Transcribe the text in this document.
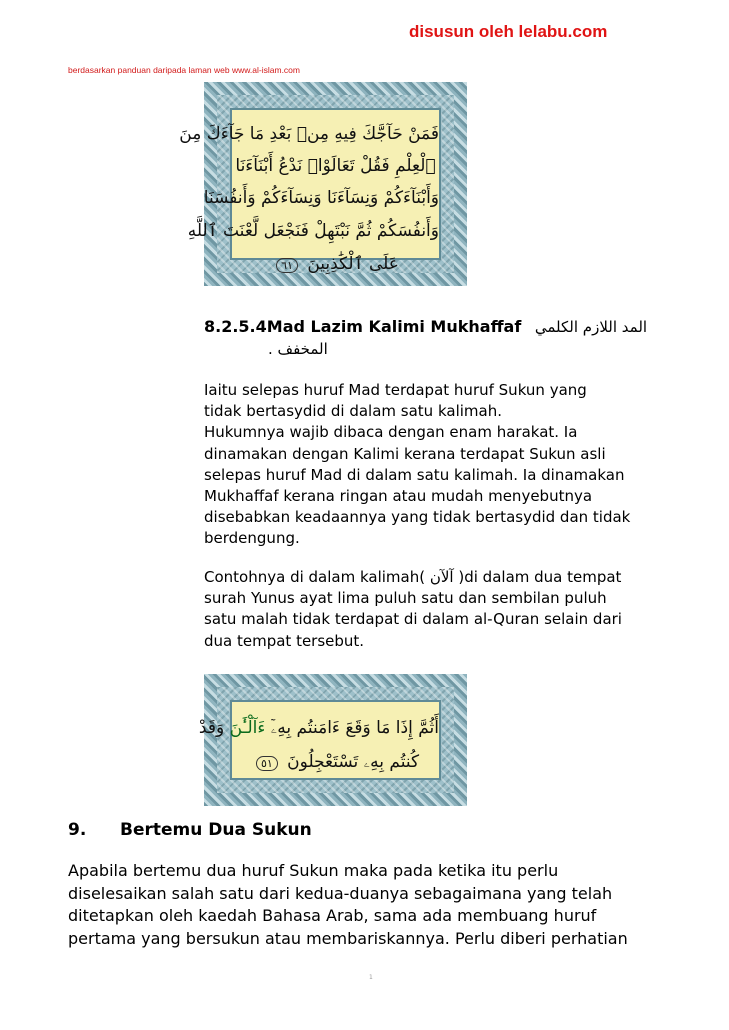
disusun oleh lelabu.com
berdasarkan panduan daripada laman web www.al-islam.com
فَمَنْ حَآجَّكَ فِيهِ مِنۢ بَعْدِ مَا جَآءَكَ مِنَ
ٱلْعِلْمِ فَقُلْ تَعَالَوْا۟ نَدْعُ أَبْنَآءَنَا
وَأَبْنَآءَكُمْ وَنِسَآءَنَا وَنِسَآءَكُمْ وَأَنفُسَنَا
وَأَنفُسَكُمْ ثُمَّ نَبْتَهِلْ فَنَجْعَل لَّعْنَتَ ٱللَّهِ
عَلَى ٱلْكَٰذِبِينَ ٦١
8.2.5.4Mad Lazim Kalimi Mukhaffaf المد اللازم الكلمي
المخفف .
Iaitu selepas huruf Mad terdapat huruf Sukun yang
tidak bertasydid di dalam satu kalimah.
Hukumnya wajib dibaca dengan enam harakat. Ia
dinamakan dengan Kalimi kerana terdapat Sukun asli
selepas huruf Mad di dalam satu kalimah. Ia dinamakan
Mukhaffaf kerana ringan atau mudah menyebutnya
disebabkan keadaannya yang tidak bertasydid dan tidak
berdengung.
Contohnya di dalam kalimah( آلآن )di dalam dua tempat
surah Yunus ayat lima puluh satu dan sembilan puluh
satu malah tidak terdapat di dalam al-Quran selain dari
dua tempat tersebut.
أَثُمَّ إِذَا مَا وَقَعَ ءَامَنتُم بِهِۦٓ ءَآلْـَٰٔنَ وَقَدْ
كُنتُم بِهِۦ تَسْتَعْجِلُونَ ٥١
9. Bertemu Dua Sukun
Apabila bertemu dua huruf Sukun maka pada ketika itu perlu
diselesaikan salah satu dari kedua-duanya sebagaimana yang telah
ditetapkan oleh kaedah Bahasa Arab, sama ada membuang huruf
pertama yang bersukun atau membariskannya. Perlu diberi perhatian
1
